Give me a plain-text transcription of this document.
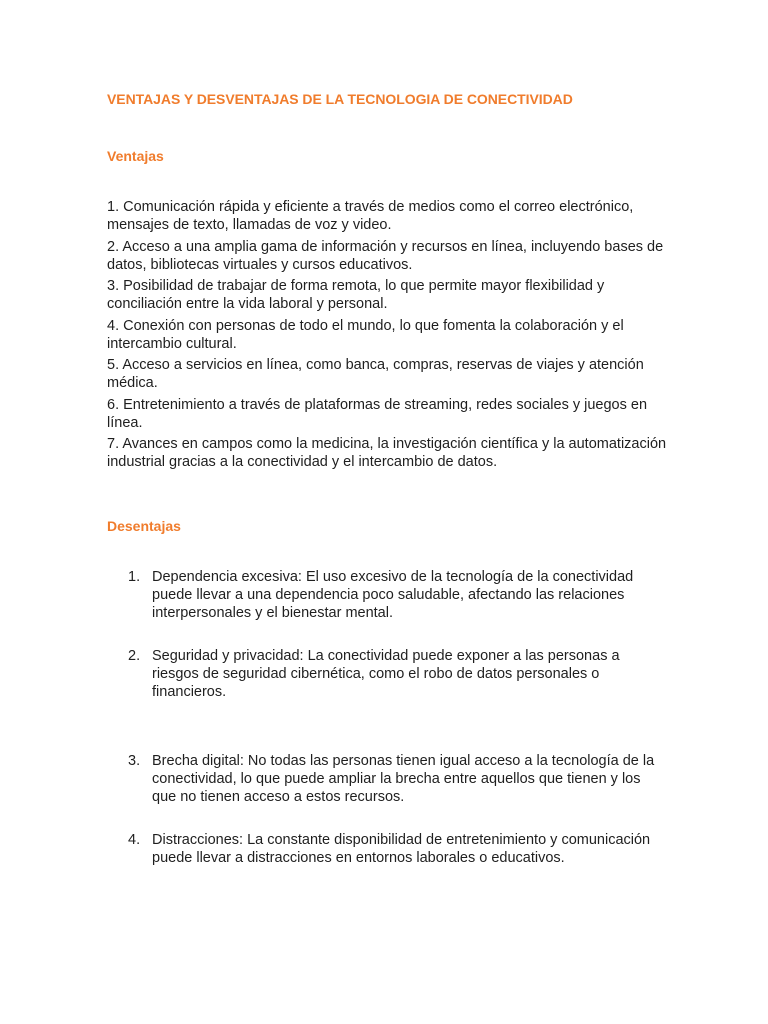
VENTAJAS Y DESVENTAJAS DE LA TECNOLOGIA DE CONECTIVIDAD
Ventajas
1. Comunicación rápida y eficiente a través de medios como el correo electrónico, mensajes de texto, llamadas de voz y video.
2. Acceso a una amplia gama de información y recursos en línea, incluyendo bases de datos, bibliotecas virtuales y cursos educativos.
3. Posibilidad de trabajar de forma remota, lo que permite mayor flexibilidad y conciliación entre la vida laboral y personal.
4. Conexión con personas de todo el mundo, lo que fomenta la colaboración y el intercambio cultural.
5. Acceso a servicios en línea, como banca, compras, reservas de viajes y atención médica.
6. Entretenimiento a través de plataformas de streaming, redes sociales y juegos en línea.
7. Avances en campos como la medicina, la investigación científica y la automatización industrial gracias a la conectividad y el intercambio de datos.
Desentajas
1. Dependencia excesiva: El uso excesivo de la tecnología de la conectividad puede llevar a una dependencia poco saludable, afectando las relaciones interpersonales y el bienestar mental.
2. Seguridad y privacidad: La conectividad puede exponer a las personas a riesgos de seguridad cibernética, como el robo de datos personales o financieros.
3. Brecha digital: No todas las personas tienen igual acceso a la tecnología de la conectividad, lo que puede ampliar la brecha entre aquellos que tienen y los que no tienen acceso a estos recursos.
4. Distracciones: La constante disponibilidad de entretenimiento y comunicación puede llevar a distracciones en entornos laborales o educativos.
